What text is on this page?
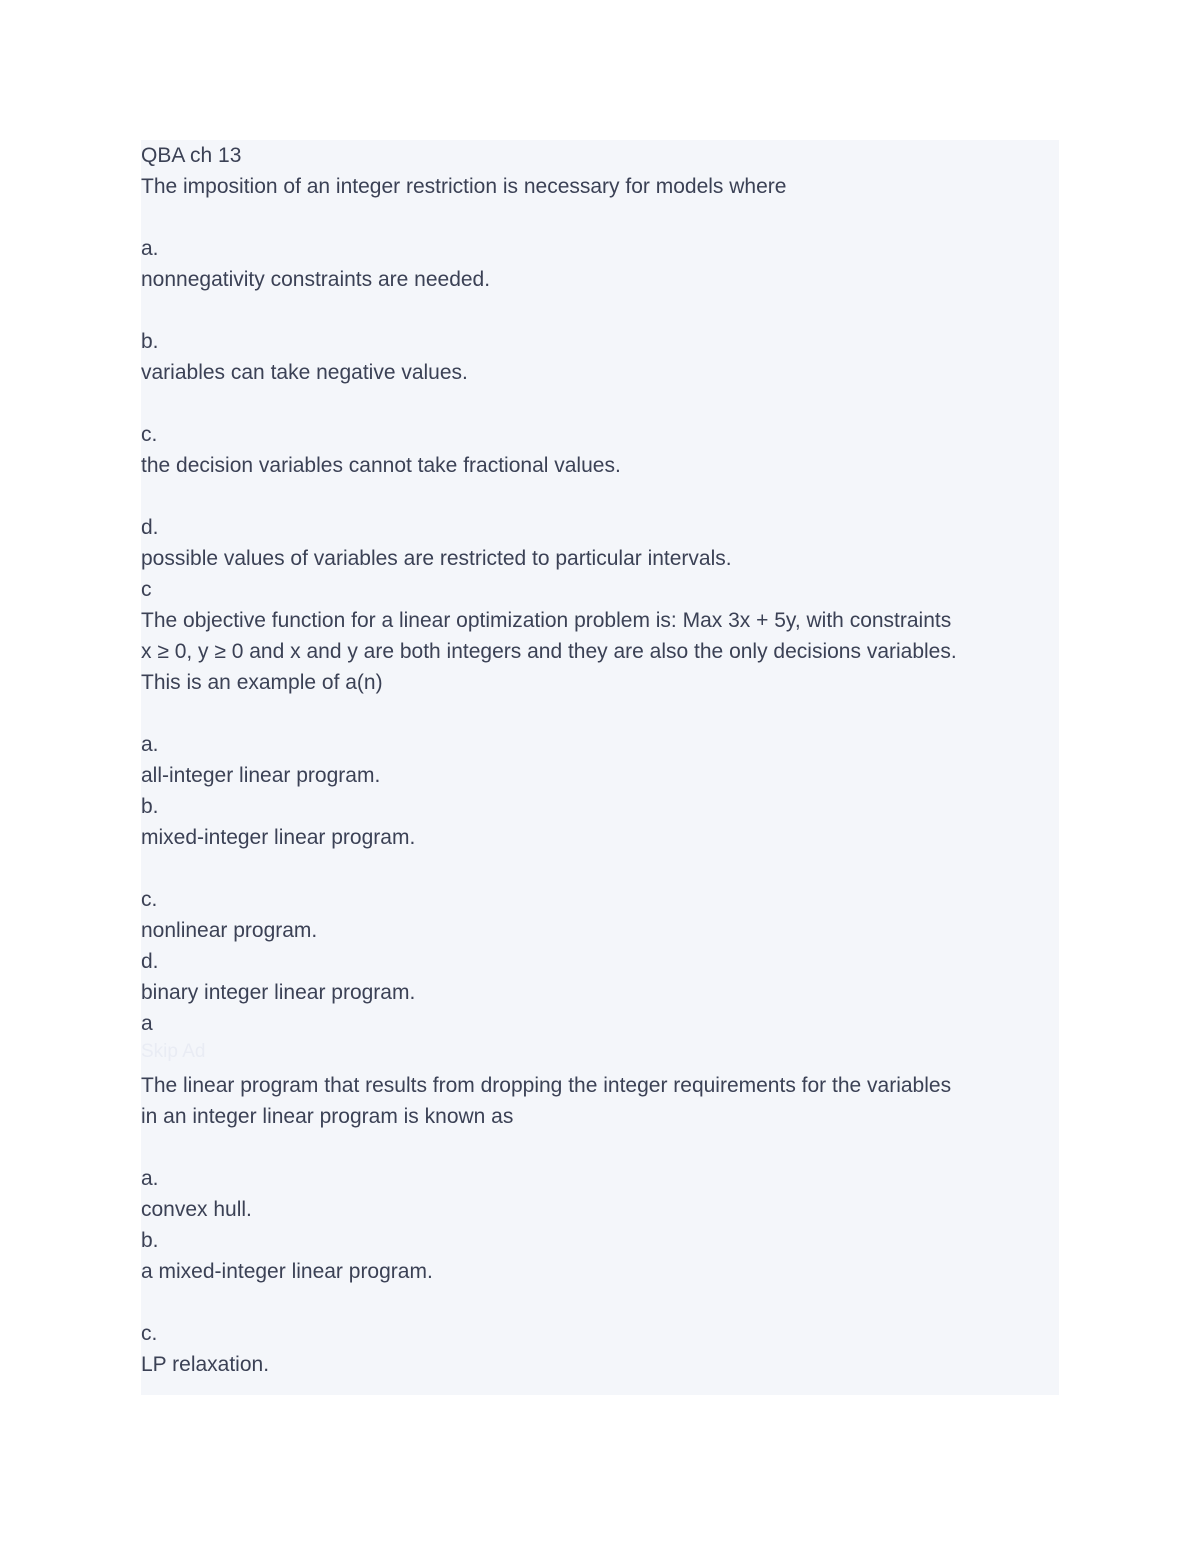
QBA ch 13
The imposition of an integer restriction is necessary for models where
a.
nonnegativity constraints are needed.
b.
variables can take negative values.
c.
the decision variables cannot take fractional values.
d.
possible values of variables are restricted to particular intervals.
c
The objective function for a linear optimization problem is: Max 3x + 5y, with constraints
x ≥ 0, y ≥ 0 and x and y are both integers and they are also the only decisions variables.
This is an example of a(n)
a.
all-integer linear program.
b.
mixed-integer linear program.
c.
nonlinear program.
d.
binary integer linear program.
a
Skip Ad
The linear program that results from dropping the integer requirements for the variables
in an integer linear program is known as
a.
convex hull.
b.
a mixed-integer linear program.
c.
LP relaxation.
